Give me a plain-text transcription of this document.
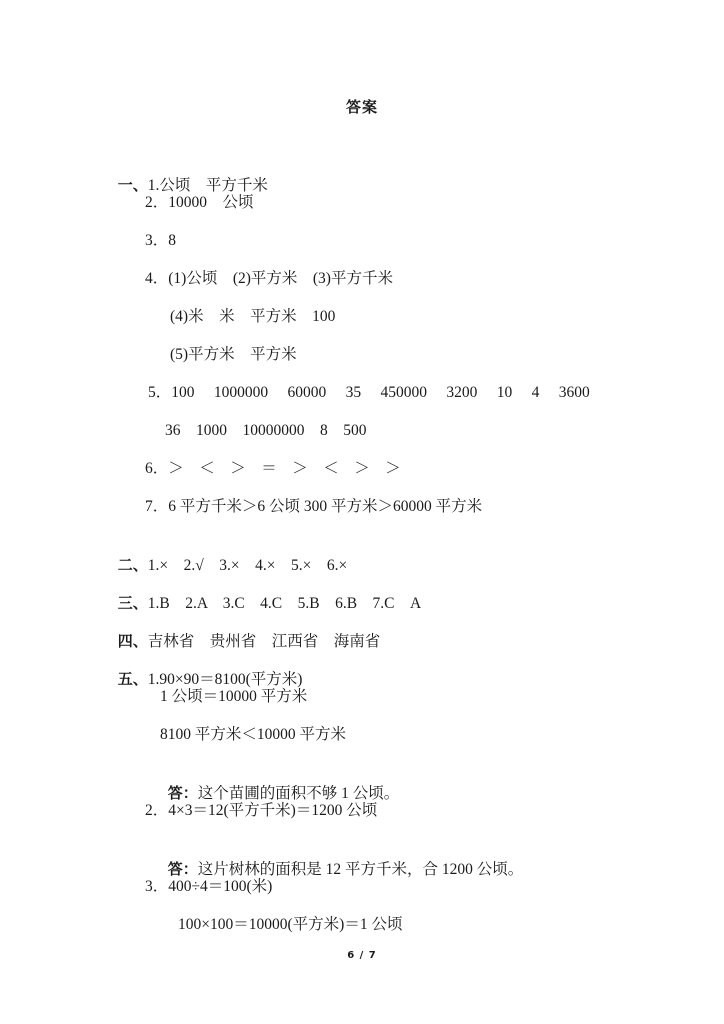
答案

一、1.公顷　平方千米

2．10000　公顷
3．8
4．(1)公顷　(2)平方米　(3)平方千米
(4)米　米　平方米　100
(5)平方米　平方米
5．100　 1000000　 60000　 35　 450000　 3200　 10　 4　 3600
36　1000　10000000　8　500
6．＞　＜　＞　＝　＞　＜　＞　＞
7．6 平方千米＞6 公顷 300 平方米＞60000 平方米

二、1.×　2.√　3.×　4.×　5.×　6.×

三、1.B　2.A　3.C　4.C　5.B　6.B　7.C　A

四、吉林省　贵州省　江西省　海南省

五、1.90×90＝8100(平方米)

1 公顷＝10000 平方米
8100 平方米＜10000 平方米

答：这个苗圃的面积不够 1 公顷。

2．4×3＝12(平方千米)＝1200 公顷

答：这片树林的面积是 12 平方千米，合 1200 公顷。

3．400÷4＝100(米)
100×100＝10000(平方米)＝1 公顷
6 / 7
